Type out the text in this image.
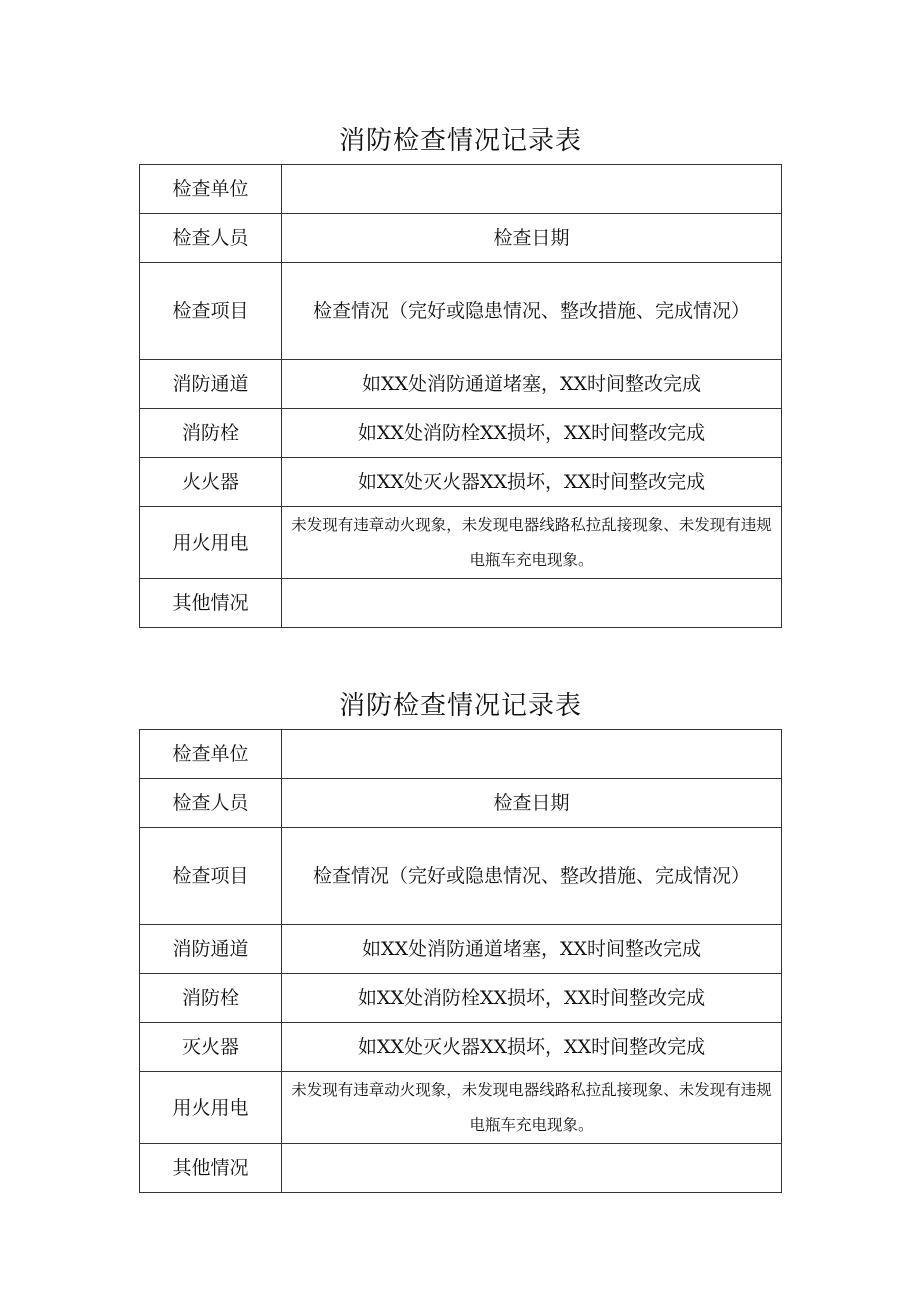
消防检查情况记录表
检查单位	
检查人员	检查日期
检查项目	检查情况（完好或隐患情况、整改措施、完成情况）

消防通道	如XX处消防通道堵塞，XX时间整改完成
消防栓	如XX处消防栓XX损坏，XX时间整改完成
火火器	如XX处灭火器XX损坏，XX时间整改完成
用火用电	未发现有违章动火现象，未发现电器线路私拉乱接现象、未发现有违规电瓶车充电现象。

其他情况	
消防检查情况记录表
检查单位	
检查人员	检查日期
检查项目	检查情况（完好或隐患情况、整改措施、完成情况）

消防通道	如XX处消防通道堵塞，XX时间整改完成
消防栓	如XX处消防栓XX损坏，XX时间整改完成
灭火器	如XX处灭火器XX损坏，XX时间整改完成
用火用电	未发现有违章动火现象，未发现电器线路私拉乱接现象、未发现有违规电瓶车充电现象。

其他情况	
